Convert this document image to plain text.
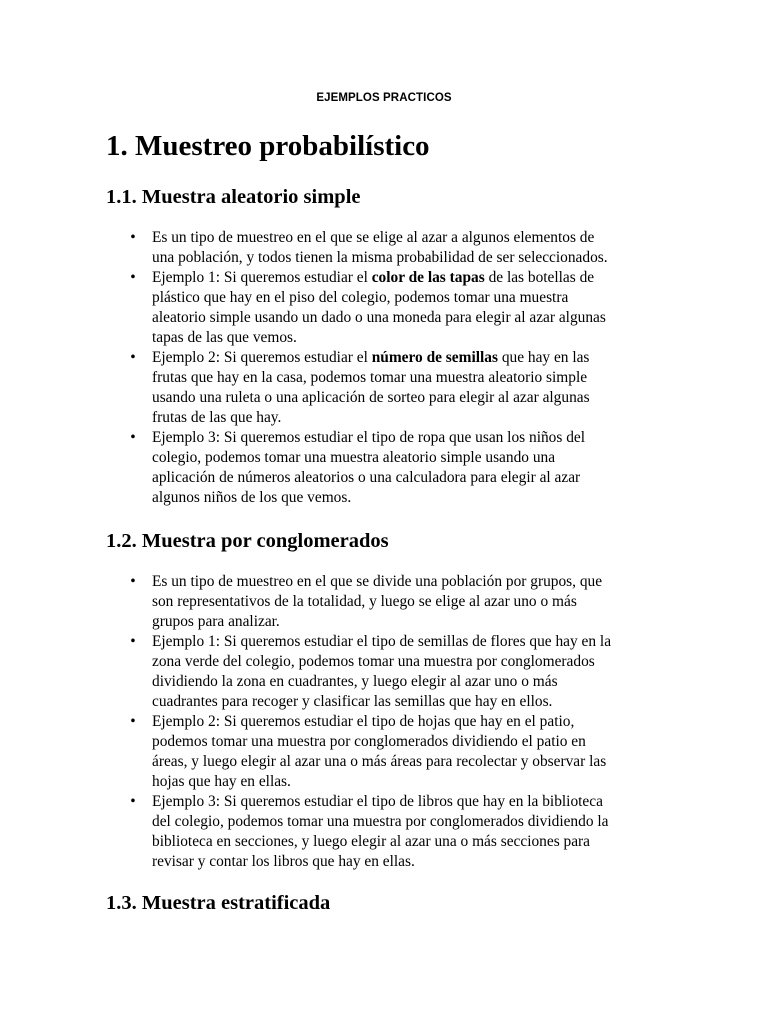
EJEMPLOS PRACTICOS
1. Muestreo probabilístico
1.1. Muestra aleatorio simple
• Es un tipo de muestreo en el que se elige al azar a algunos elementos de
una población, y todos tienen la misma probabilidad de ser seleccionados.
• Ejemplo 1: Si queremos estudiar el color de las tapas de las botellas de
plástico que hay en el piso del colegio, podemos tomar una muestra
aleatorio simple usando un dado o una moneda para elegir al azar algunas
tapas de las que vemos.
• Ejemplo 2: Si queremos estudiar el número de semillas que hay en las
frutas que hay en la casa, podemos tomar una muestra aleatorio simple
usando una ruleta o una aplicación de sorteo para elegir al azar algunas
frutas de las que hay.
• Ejemplo 3: Si queremos estudiar el tipo de ropa que usan los niños del
colegio, podemos tomar una muestra aleatorio simple usando una
aplicación de números aleatorios o una calculadora para elegir al azar
algunos niños de los que vemos.
1.2. Muestra por conglomerados
• Es un tipo de muestreo en el que se divide una población por grupos, que
son representativos de la totalidad, y luego se elige al azar uno o más
grupos para analizar.
• Ejemplo 1: Si queremos estudiar el tipo de semillas de flores que hay en la
zona verde del colegio, podemos tomar una muestra por conglomerados
dividiendo la zona en cuadrantes, y luego elegir al azar uno o más
cuadrantes para recoger y clasificar las semillas que hay en ellos.
• Ejemplo 2: Si queremos estudiar el tipo de hojas que hay en el patio,
podemos tomar una muestra por conglomerados dividiendo el patio en
áreas, y luego elegir al azar una o más áreas para recolectar y observar las
hojas que hay en ellas.
• Ejemplo 3: Si queremos estudiar el tipo de libros que hay en la biblioteca
del colegio, podemos tomar una muestra por conglomerados dividiendo la
biblioteca en secciones, y luego elegir al azar una o más secciones para
revisar y contar los libros que hay en ellas.
1.3. Muestra estratificada
